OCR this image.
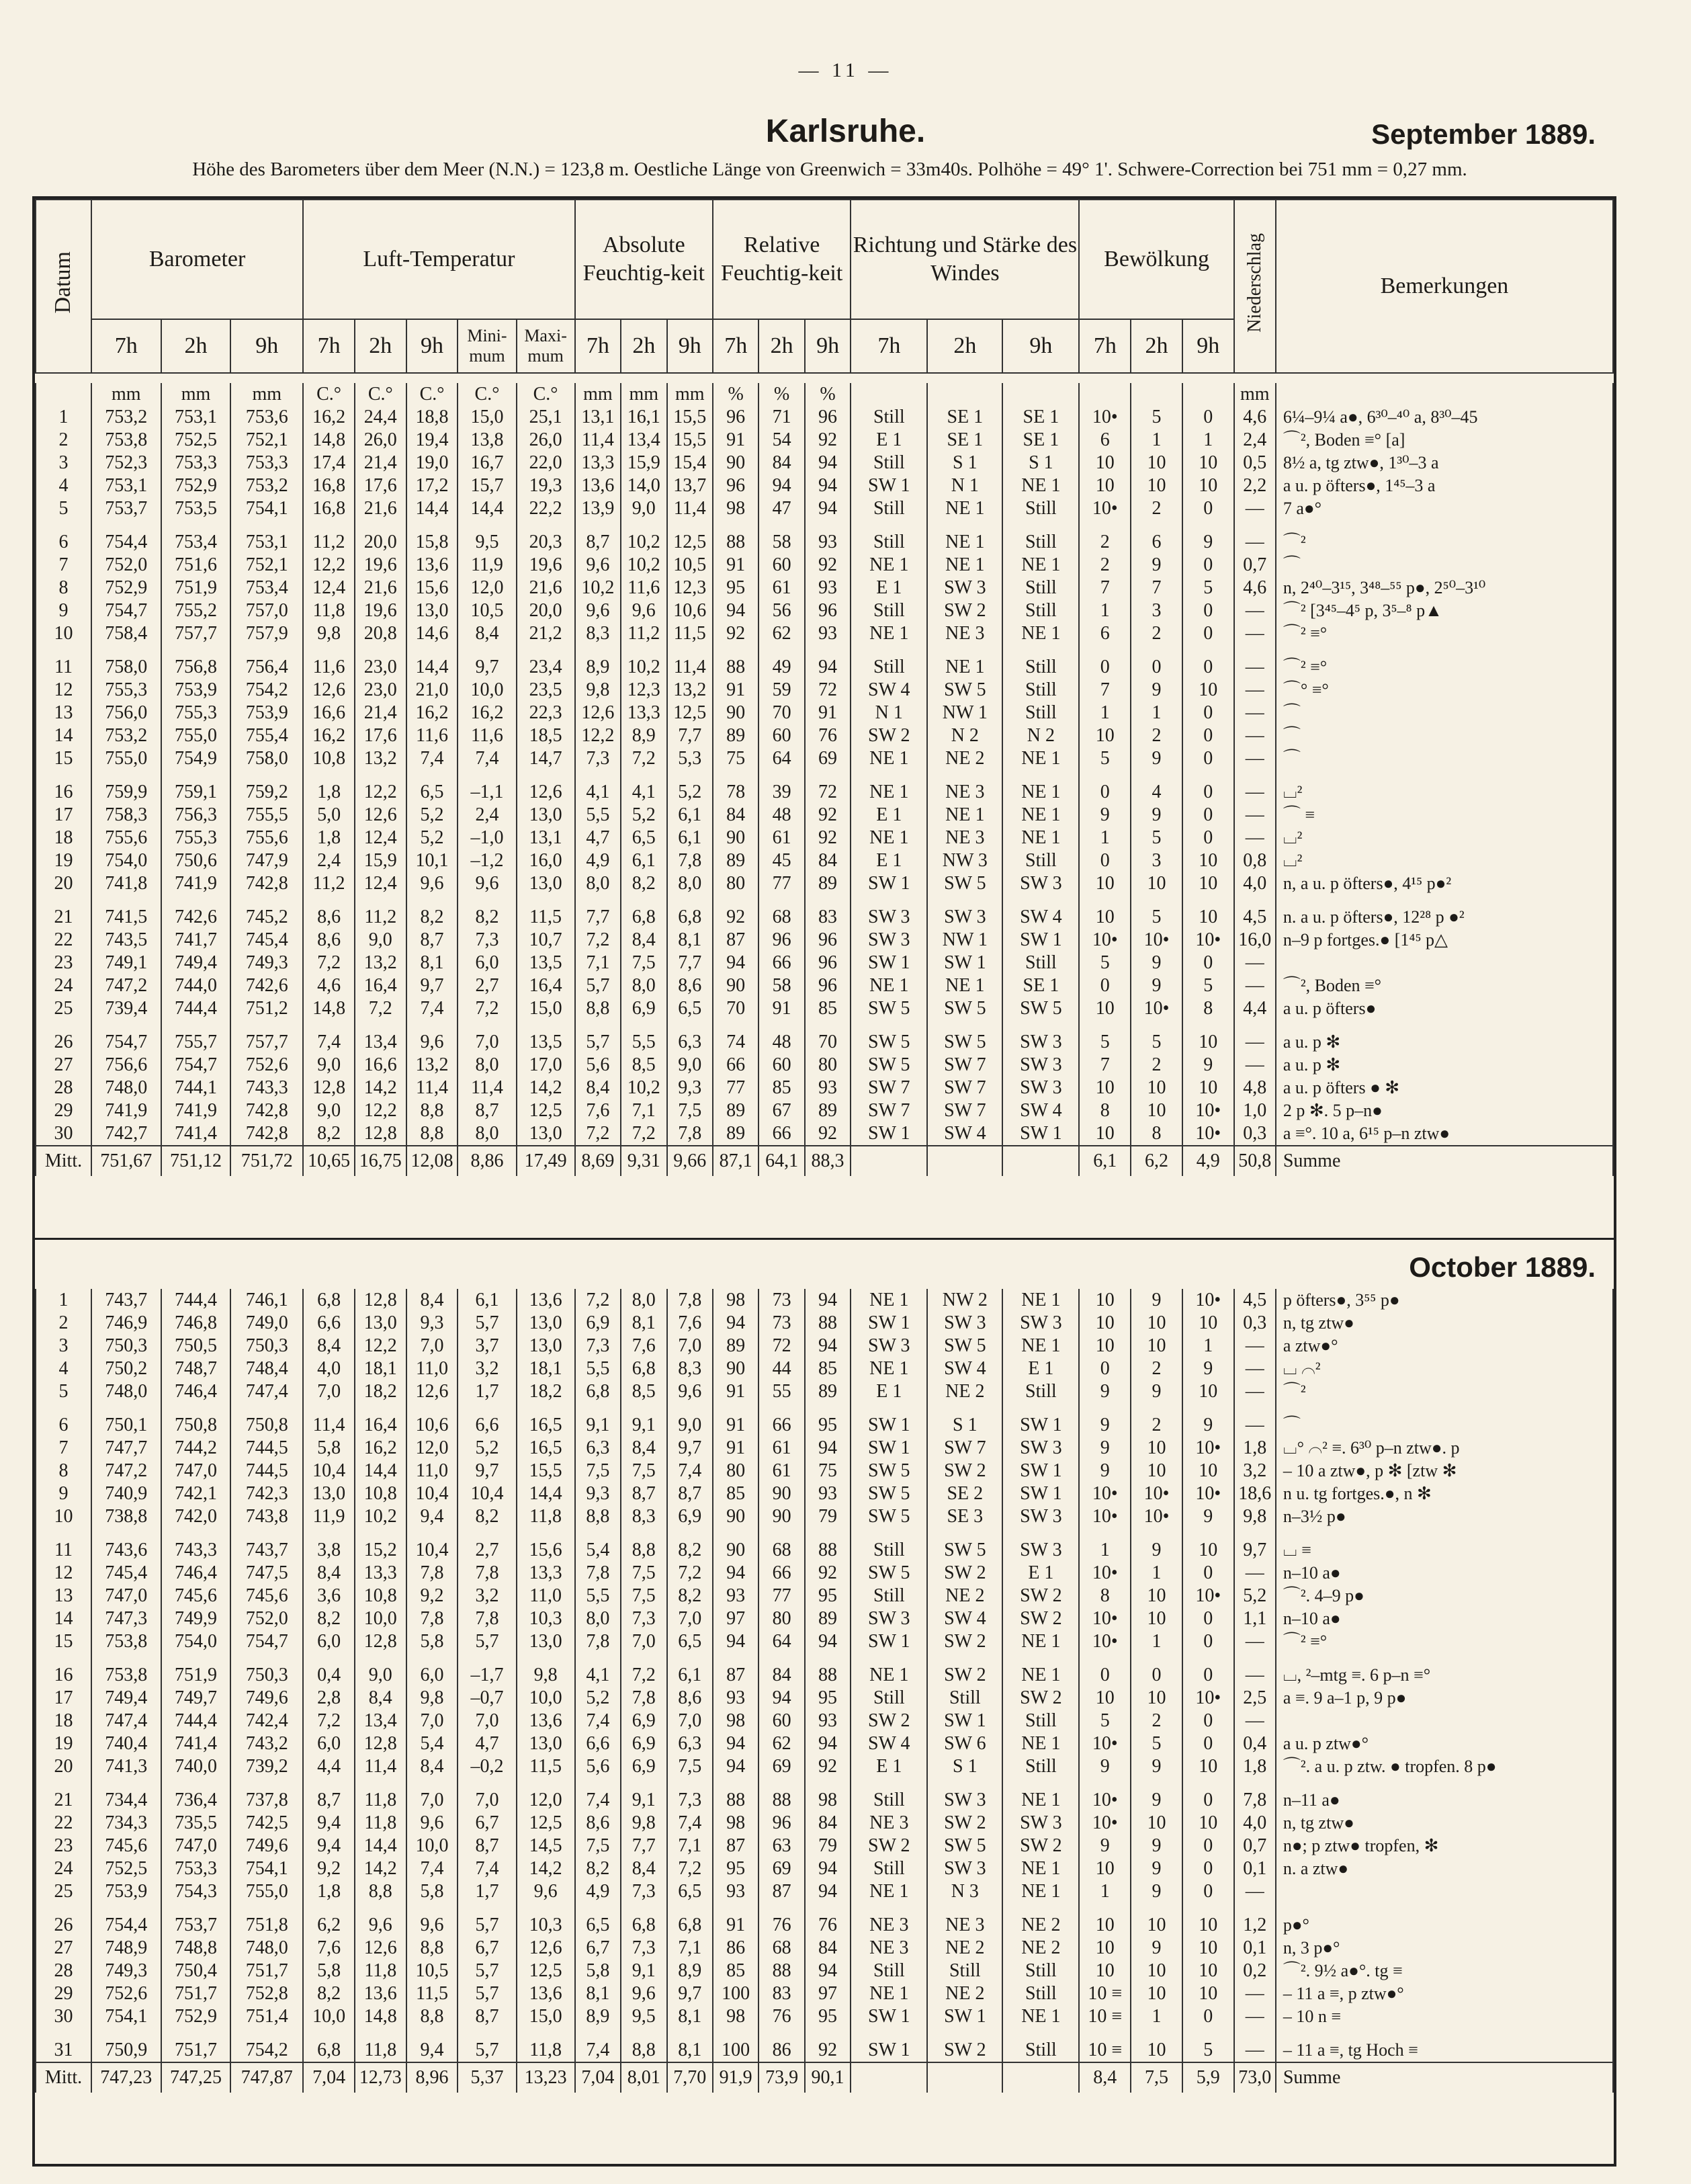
— 11 —
Karlsruhe.	September 1889.
Höhe des Barometers über dem Meer (N.N.) = 123,8 m. Oestliche Länge von Greenwich = 33m40s. Polhöhe = 49° 1'. Schwere-Correction bei 751 mm = 0,27 mm.
Datum	Barometer			Luft-Temperatur					Absolute Feuchtig-keit			Relative Feuchtig-keit			Richtung und Stärke des Windes			Bewölkung			Niederschlag	Bemerkungen
	7h	2h	9h	7h	2h	9h	Mini-mum	Maxi-mum	7h	2h	9h	7h	2h	9h	7h	2h	9h	7h	2h	9h		
	mm	mm	mm	C.°	C.°	C.°	C.°	C.°	mm	mm	mm	%	%	%							mm	
1	753,2	753,1	753,6	16,2	24,4	18,8	15,0	25,1	13,1	16,1	15,5	96	71	96	Still	SE 1	SE 1	10•	5	0	4,6	6¼–9¼ a●, 6³⁰–⁴⁰ a, 8³⁰–45
2	753,8	752,5	752,1	14,8	26,0	19,4	13,8	26,0	11,4	13,4	15,5	91	54	92	E 1	SE 1	SE 1	6	1	1	2,4	⌒², Boden ≡° [a]
3	752,3	753,3	753,3	17,4	21,4	19,0	16,7	22,0	13,3	15,9	15,4	90	84	94	Still	S 1	S 1	10	10	10	0,5	8½ a, tg ztw●, 1³⁰–3 a
4	753,1	752,9	753,2	16,8	17,6	17,2	15,7	19,3	13,6	14,0	13,7	96	94	94	SW 1	N 1	NE 1	10	10	10	2,2	a u. p öfters●, 1⁴⁵–3 a
5	753,7	753,5	754,1	16,8	21,6	14,4	14,4	22,2	13,9	9,0	11,4	98	47	94	Still	NE 1	Still	10•	2	0	—	7 a●°

6	754,4	753,4	753,1	11,2	20,0	15,8	9,5	20,3	8,7	10,2	12,5	88	58	93	Still	NE 1	Still	2	6	9	—	⌒²
7	752,0	751,6	752,1	12,2	19,6	13,6	11,9	19,6	9,6	10,2	10,5	91	60	92	NE 1	NE 1	NE 1	2	9	0	0,7	⌒
8	752,9	751,9	753,4	12,4	21,6	15,6	12,0	21,6	10,2	11,6	12,3	95	61	93	E 1	SW 3	Still	7	7	5	4,6	n, 2⁴⁰–3¹⁵, 3⁴⁸–⁵⁵ p●, 2⁵⁰–3¹⁰
9	754,7	755,2	757,0	11,8	19,6	13,0	10,5	20,0	9,6	9,6	10,6	94	56	96	Still	SW 2	Still	1	3	0	—	⌒² [3⁴⁵–4⁵ p, 3⁵–⁸ p▲
10	758,4	757,7	757,9	9,8	20,8	14,6	8,4	21,2	8,3	11,2	11,5	92	62	93	NE 1	NE 3	NE 1	6	2	0	—	⌒² ≡°

11	758,0	756,8	756,4	11,6	23,0	14,4	9,7	23,4	8,9	10,2	11,4	88	49	94	Still	NE 1	Still	0	0	0	—	⌒² ≡°
12	755,3	753,9	754,2	12,6	23,0	21,0	10,0	23,5	9,8	12,3	13,2	91	59	72	SW 4	SW 5	Still	7	9	10	—	⌒° ≡°
13	756,0	755,3	753,9	16,6	21,4	16,2	16,2	22,3	12,6	13,3	12,5	90	70	91	N 1	NW 1	Still	1	1	0	—	⌒
14	753,2	755,0	755,4	16,2	17,6	11,6	11,6	18,5	12,2	8,9	7,7	89	60	76	SW 2	N 2	N 2	10	2	0	—	⌒
15	755,0	754,9	758,0	10,8	13,2	7,4	7,4	14,7	7,3	7,2	5,3	75	64	69	NE 1	NE 2	NE 1	5	9	0	—	⌒

16	759,9	759,1	759,2	1,8	12,2	6,5	–1,1	12,6	4,1	4,1	5,2	78	39	72	NE 1	NE 3	NE 1	0	4	0	—	⌴²
17	758,3	756,3	755,5	5,0	12,6	5,2	2,4	13,0	5,5	5,2	6,1	84	48	92	E 1	NE 1	NE 1	9	9	0	—	⌒ ≡
18	755,6	755,3	755,6	1,8	12,4	5,2	–1,0	13,1	4,7	6,5	6,1	90	61	92	NE 1	NE 3	NE 1	1	5	0	—	⌴²
19	754,0	750,6	747,9	2,4	15,9	10,1	–1,2	16,0	4,9	6,1	7,8	89	45	84	E 1	NW 3	Still	0	3	10	0,8	⌴²
20	741,8	741,9	742,8	11,2	12,4	9,6	9,6	13,0	8,0	8,2	8,0	80	77	89	SW 1	SW 5	SW 3	10	10	10	4,0	n, a u. p öfters●, 4¹⁵ p●²

21	741,5	742,6	745,2	8,6	11,2	8,2	8,2	11,5	7,7	6,8	6,8	92	68	83	SW 3	SW 3	SW 4	10	5	10	4,5	n. a u. p öfters●, 12²⁸ p ●²
22	743,5	741,7	745,4	8,6	9,0	8,7	7,3	10,7	7,2	8,4	8,1	87	96	96	SW 3	NW 1	SW 1	10•	10•	10•	16,0	n–9 p fortges.● [1⁴⁵ p△
23	749,1	749,4	749,3	7,2	13,2	8,1	6,0	13,5	7,1	7,5	7,7	94	66	96	SW 1	SW 1	Still	5	9	0	—	
24	747,2	744,0	742,6	4,6	16,4	9,7	2,7	16,4	5,7	8,0	8,6	90	58	96	NE 1	NE 1	SE 1	0	9	5	—	⌒², Boden ≡°
25	739,4	744,4	751,2	14,8	7,2	7,4	7,2	15,0	8,8	6,9	6,5	70	91	85	SW 5	SW 5	SW 5	10	10•	8	4,4	a u. p öfters●

26	754,7	755,7	757,7	7,4	13,4	9,6	7,0	13,5	5,7	5,5	6,3	74	48	70	SW 5	SW 5	SW 3	5	5	10	—	a u. p ✻
27	756,6	754,7	752,6	9,0	16,6	13,2	8,0	17,0	5,6	8,5	9,0	66	60	80	SW 5	SW 7	SW 3	7	2	9	—	a u. p ✻
28	748,0	744,1	743,3	12,8	14,2	11,4	11,4	14,2	8,4	10,2	9,3	77	85	93	SW 7	SW 7	SW 3	10	10	10	4,8	a u. p öfters ● ✻
29	741,9	741,9	742,8	9,0	12,2	8,8	8,7	12,5	7,6	7,1	7,5	89	67	89	SW 7	SW 7	SW 4	8	10	10•	1,0	2 p ✻. 5 p–n●
30	742,7	741,4	742,8	8,2	12,8	8,8	8,0	13,0	7,2	7,2	7,8	89	66	92	SW 1	SW 4	SW 1	10	8	10•	0,3	a ≡°. 10 a, 6¹⁵ p–n ztw●
Mitt.	751,67	751,12	751,72	10,65	16,75	12,08	8,86	17,49	8,69	9,31	9,66	87,1	64,1	88,3				6,1	6,2	4,9	50,8	Summe
October 1889.
1	743,7	744,4	746,1	6,8	12,8	8,4	6,1	13,6	7,2	8,0	7,8	98	73	94	NE 1	NW 2	NE 1	10	9	10•	4,5	p öfters●, 3⁵⁵ p●
2	746,9	746,8	749,0	6,6	13,0	9,3	5,7	13,0	6,9	8,1	7,6	94	73	88	SW 1	SW 3	SW 3	10	10	10	0,3	n, tg ztw●
3	750,3	750,5	750,3	8,4	12,2	7,0	3,7	13,0	7,3	7,6	7,0	89	72	94	SW 3	SW 5	NE 1	10	10	1	—	a ztw●°
4	750,2	748,7	748,4	4,0	18,1	11,0	3,2	18,1	5,5	6,8	8,3	90	44	85	NE 1	SW 4	E 1	0	2	9	—	⌴ ⌒²
5	748,0	746,4	747,4	7,0	18,2	12,6	1,7	18,2	6,8	8,5	9,6	91	55	89	E 1	NE 2	Still	9	9	10	—	⌒²

6	750,1	750,8	750,8	11,4	16,4	10,6	6,6	16,5	9,1	9,1	9,0	91	66	95	SW 1	S 1	SW 1	9	2	9	—	⌒
7	747,7	744,2	744,5	5,8	16,2	12,0	5,2	16,5	6,3	8,4	9,7	91	61	94	SW 1	SW 7	SW 3	9	10	10•	1,8	⌴° ⌒² ≡. 6³⁰ p–n ztw●. p
8	747,2	747,0	744,5	10,4	14,4	11,0	9,7	15,5	7,5	7,5	7,4	80	61	75	SW 5	SW 2	SW 1	9	10	10	3,2	– 10 a ztw●, p ✻ [ztw ✻
9	740,9	742,1	742,3	13,0	10,8	10,4	10,4	14,4	9,3	8,7	8,7	85	90	93	SW 5	SE 2	SW 1	10•	10•	10•	18,6	n u. tg fortges.●, n ✻
10	738,8	742,0	743,8	11,9	10,2	9,4	8,2	11,8	8,8	8,3	6,9	90	90	79	SW 5	SE 3	SW 3	10•	10•	9	9,8	n–3½ p●

11	743,6	743,3	743,7	3,8	15,2	10,4	2,7	15,6	5,4	8,8	8,2	90	68	88	Still	SW 5	SW 3	1	9	10	9,7	⌴ ≡
12	745,4	746,4	747,5	8,4	13,3	7,8	7,8	13,3	7,8	7,5	7,2	94	66	92	SW 5	SW 2	E 1	10•	1	0	—	n–10 a●
13	747,0	745,6	745,6	3,6	10,8	9,2	3,2	11,0	5,5	7,5	8,2	93	77	95	Still	NE 2	SW 2	8	10	10•	5,2	⌒². 4–9 p●
14	747,3	749,9	752,0	8,2	10,0	7,8	7,8	10,3	8,0	7,3	7,0	97	80	89	SW 3	SW 4	SW 2	10•	10	0	1,1	n–10 a●
15	753,8	754,0	754,7	6,0	12,8	5,8	5,7	13,0	7,8	7,0	6,5	94	64	94	SW 1	SW 2	NE 1	10•	1	0	—	⌒² ≡°

16	753,8	751,9	750,3	0,4	9,0	6,0	–1,7	9,8	4,1	7,2	6,1	87	84	88	NE 1	SW 2	NE 1	0	0	0	—	⌴, ²–mtg ≡. 6 p–n ≡°
17	749,4	749,7	749,6	2,8	8,4	9,8	–0,7	10,0	5,2	7,8	8,6	93	94	95	Still	Still	SW 2	10	10	10•	2,5	a ≡. 9 a–1 p, 9 p●
18	747,4	744,4	742,4	7,2	13,4	7,0	7,0	13,6	7,4	6,9	7,0	98	60	93	SW 2	SW 1	Still	5	2	0	—	
19	740,4	741,4	743,2	6,0	12,8	5,4	4,7	13,0	6,6	6,9	6,3	94	62	94	SW 4	SW 6	NE 1	10•	5	0	0,4	a u. p ztw●°
20	741,3	740,0	739,2	4,4	11,4	8,4	–0,2	11,5	5,6	6,9	7,5	94	69	92	E 1	S 1	Still	9	9	10	1,8	⌒². a u. p ztw. ● tropfen. 8 p●

21	734,4	736,4	737,8	8,7	11,8	7,0	7,0	12,0	7,4	9,1	7,3	88	88	98	Still	SW 3	NE 1	10•	9	0	7,8	n–11 a●
22	734,3	735,5	742,5	9,4	11,8	9,6	6,7	12,5	8,6	9,8	7,4	98	96	84	NE 3	SW 2	SW 3	10•	10	10	4,0	n, tg ztw●
23	745,6	747,0	749,6	9,4	14,4	10,0	8,7	14,5	7,5	7,7	7,1	87	63	79	SW 2	SW 5	SW 2	9	9	0	0,7	n●; p ztw● tropfen, ✻
24	752,5	753,3	754,1	9,2	14,2	7,4	7,4	14,2	8,2	8,4	7,2	95	69	94	Still	SW 3	NE 1	10	9	0	0,1	n. a ztw●
25	753,9	754,3	755,0	1,8	8,8	5,8	1,7	9,6	4,9	7,3	6,5	93	87	94	NE 1	N 3	NE 1	1	9	0	—	

26	754,4	753,7	751,8	6,2	9,6	9,6	5,7	10,3	6,5	6,8	6,8	91	76	76	NE 3	NE 3	NE 2	10	10	10	1,2	p●°
27	748,9	748,8	748,0	7,6	12,6	8,8	6,7	12,6	6,7	7,3	7,1	86	68	84	NE 3	NE 2	NE 2	10	9	10	0,1	n, 3 p●°
28	749,3	750,4	751,7	5,8	11,8	10,5	5,7	12,5	5,8	9,1	8,9	85	88	94	Still	Still	Still	10	10	10	0,2	⌒². 9½ a●°. tg ≡
29	752,6	751,7	752,8	8,2	13,6	11,5	5,7	13,6	8,1	9,6	9,7	100	83	97	NE 1	NE 2	Still	10 ≡	10	10	—	– 11 a ≡, p ztw●°
30	754,1	752,9	751,4	10,0	14,8	8,8	8,7	15,0	8,9	9,5	8,1	98	76	95	SW 1	SW 1	NE 1	10 ≡	1	0	—	– 10 n ≡

31	750,9	751,7	754,2	6,8	11,8	9,4	5,7	11,8	7,4	8,8	8,1	100	86	92	SW 1	SW 2	Still	10 ≡	10	5	—	– 11 a ≡, tg Hoch ≡
Mitt.	747,23	747,25	747,87	7,04	12,73	8,96	5,37	13,23	7,04	8,01	7,70	91,9	73,9	90,1				8,4	7,5	5,9	73,0	Summe
